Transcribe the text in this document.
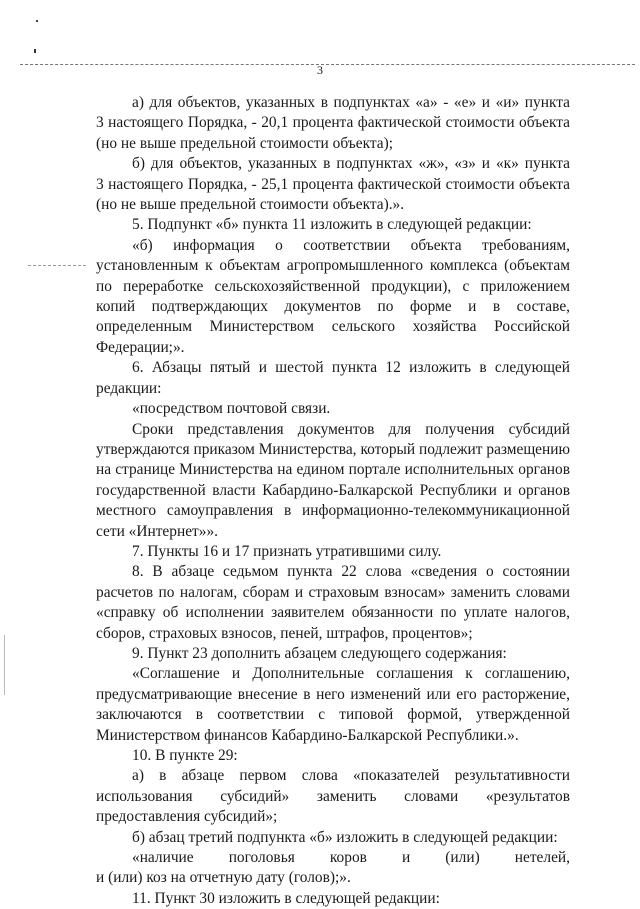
3
а) для объектов, указанных в подпунктах «а» - «е» и «и» пункта
3 настоящего Порядка, - 20,1 процента фактической стоимости объекта
(но не выше предельной стоимости объекта);
б) для объектов, указанных в подпунктах «ж», «з» и «к» пункта
3 настоящего Порядка, - 25,1 процента фактической стоимости объекта
(но не выше предельной стоимости объекта).».
5. Подпункт «б» пункта 11 изложить в следующей редакции:
«б) информация о соответствии объекта требованиям,
установленным к объектам агропромышленного комплекса (объектам
по переработке сельскохозяйственной продукции), с приложением
копий подтверждающих документов по форме и в составе,
определенным Министерством сельского хозяйства Российской
Федерации;».
6. Абзацы пятый и шестой пункта 12 изложить в следующей
редакции:
«посредством почтовой связи.
Сроки представления документов для получения субсидий
утверждаются приказом Министерства, который подлежит размещению
на странице Министерства на едином портале исполнительных органов
государственной власти Кабардино-Балкарской Республики и органов
местного самоуправления в информационно-телекоммуникационной
сети «Интернет»».
7. Пункты 16 и 17 признать утратившими силу.
8. В абзаце седьмом пункта 22 слова «сведения о состоянии
расчетов по налогам, сборам и страховым взносам» заменить словами
«справку об исполнении заявителем обязанности по уплате налогов,
сборов, страховых взносов, пеней, штрафов, процентов»;
9. Пункт 23 дополнить абзацем следующего содержания:
«Соглашение и Дополнительные соглашения к соглашению,
предусматривающие внесение в него изменений или его расторжение,
заключаются в соответствии с типовой формой, утвержденной
Министерством финансов Кабардино-Балкарской Республики.».
10. В пункте 29:
а) в абзаце первом слова «показателей результативности
использования субсидий» заменить словами «результатов
предоставления субсидий»;
б) абзац третий подпункта «б» изложить в следующей редакции:
«наличие поголовья коров и (или) нетелей,
и (или) коз на отчетную дату (голов);».
11. Пункт 30 изложить в следующей редакции:
